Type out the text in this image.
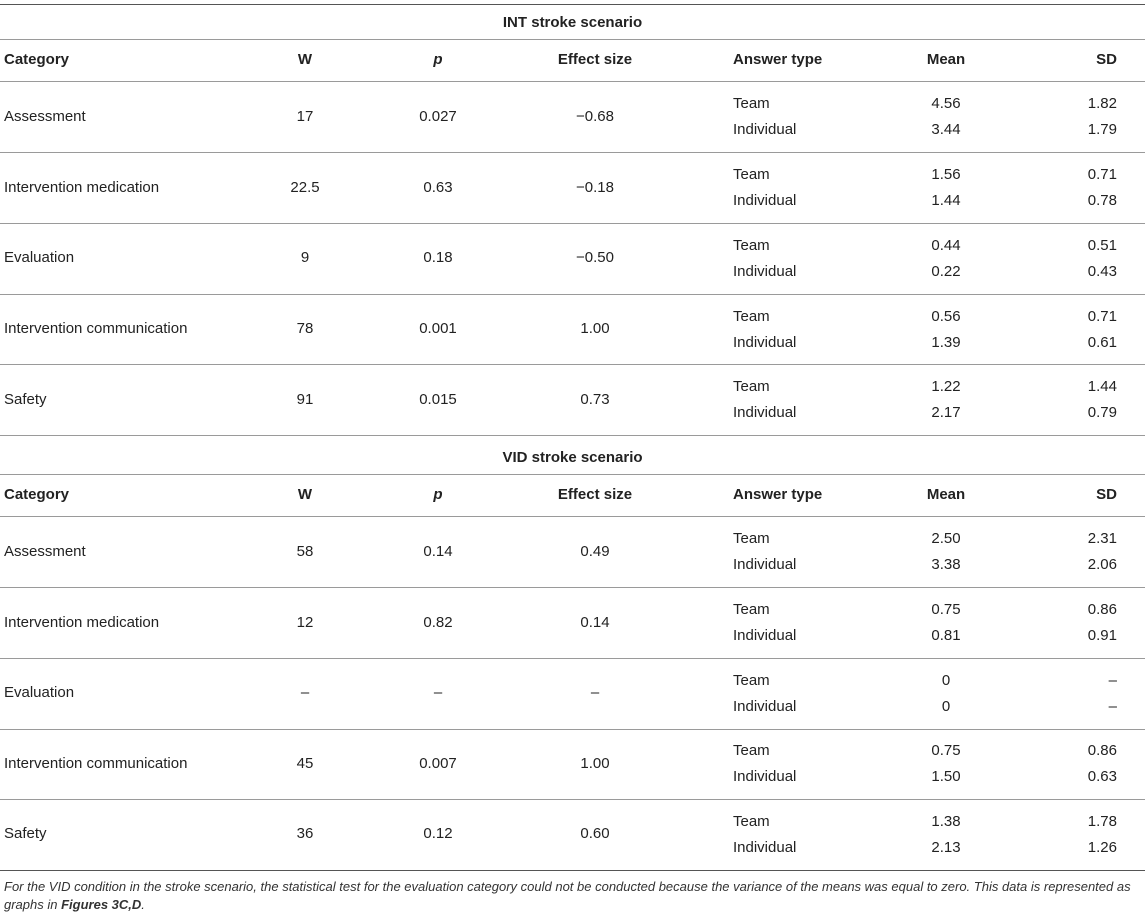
INT stroke scenario
Category	W	p	Effect size	Answer type	Mean	SD
Assessment	17	0.027	−0.68
Team	4.56	1.82
Individual	3.44	1.79
Intervention medication	22.5	0.63	−0.18
Team	1.56	0.71
Individual	1.44	0.78
Evaluation	9	0.18	−0.50
Team	0.44	0.51
Individual	0.22	0.43
Intervention communication	78	0.001	1.00
Team	0.56	0.71
Individual	1.39	0.61
Safety	91	0.015	0.73
Team	1.22	1.44
Individual	2.17	0.79
VID stroke scenario
Category	W	p	Effect size	Answer type	Mean	SD
Assessment	58	0.14	0.49
Team	2.50	2.31
Individual	3.38	2.06
Intervention medication	12	0.82	0.14
Team	0.75	0.86
Individual	0.81	0.91
Evaluation	–	–	–
Team	0	–
Individual	0	–
Intervention communication	45	0.007	1.00
Team	0.75	0.86
Individual	1.50	0.63
Safety	36	0.12	0.60
Team	1.38	1.78
Individual	2.13	1.26
For the VID condition in the stroke scenario, the statistical test for the evaluation category could not be conducted because the variance of the means was equal to zero. This data is represented as graphs in Figures 3C,D.
